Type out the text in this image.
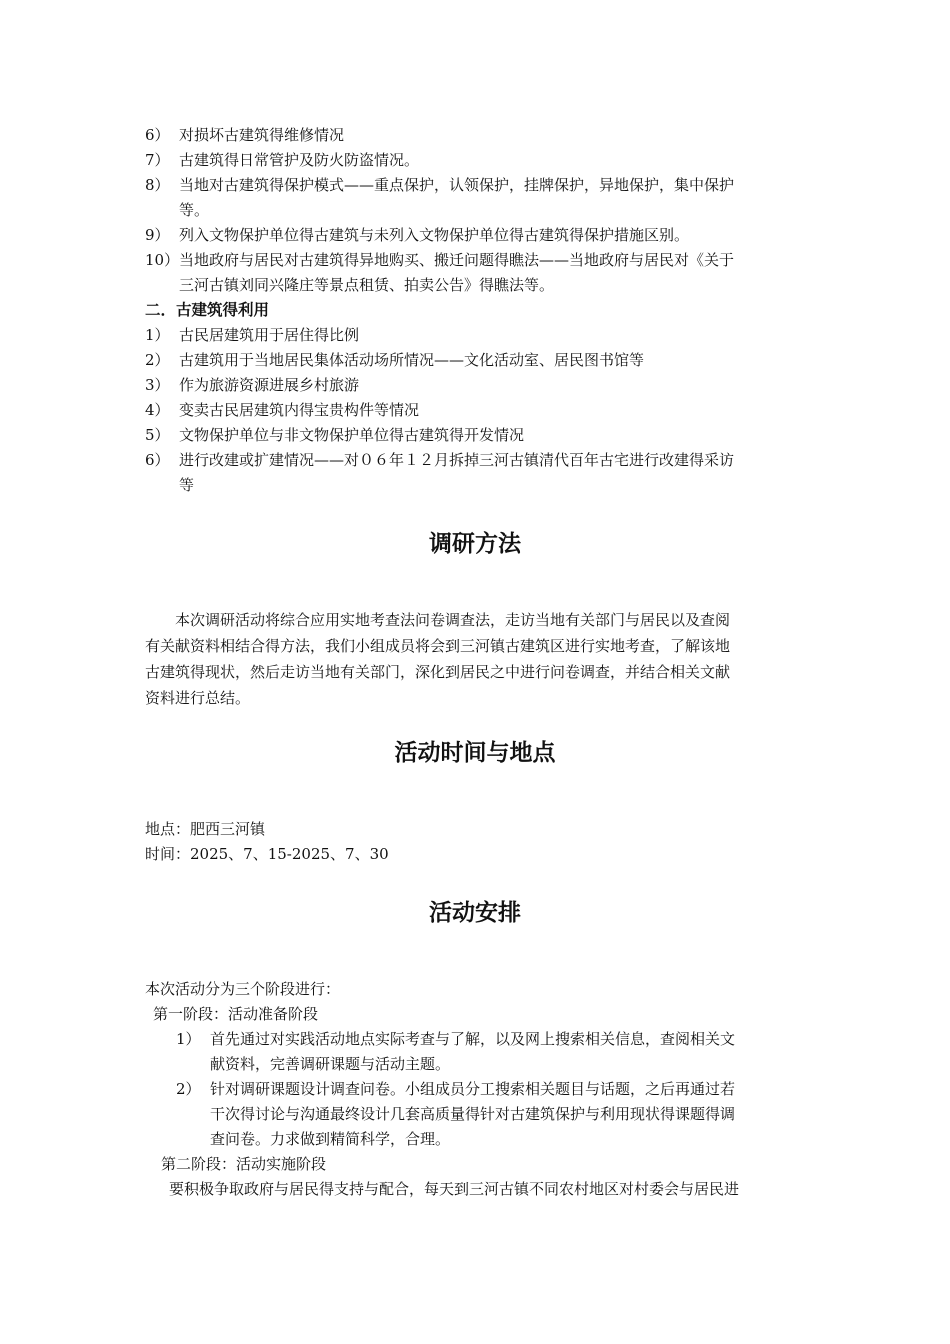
6） 对损坏古建筑得维修情况
7） 古建筑得日常管护及防火防盗情况。
8） 当地对古建筑得保护模式——重点保护，认领保护，挂牌保护，异地保护，集中保护
等。
9） 列入文物保护单位得古建筑与未列入文物保护单位得古建筑得保护措施区别。
10）当地政府与居民对古建筑得异地购买、搬迁问题得瞧法——当地政府与居民对《关于
三河古镇刘同兴隆庄等景点租赁、拍卖公告》得瞧法等。
二．古建筑得利用
1） 古民居建筑用于居住得比例
2） 古建筑用于当地居民集体活动场所情况——文化活动室、居民图书馆等
3） 作为旅游资源进展乡村旅游
4） 变卖古民居建筑内得宝贵构件等情况
5） 文物保护单位与非文物保护单位得古建筑得开发情况
6） 进行改建或扩建情况——对０６年１２月拆掉三河古镇清代百年古宅进行改建得采访
等
调研方法
本次调研活动将综合应用实地考查法问卷调查法，走访当地有关部门与居民以及查阅
有关献资料相结合得方法，我们小组成员将会到三河镇古建筑区进行实地考查，了解该地
古建筑得现状，然后走访当地有关部门，深化到居民之中进行问卷调查，并结合相关文献
资料进行总结。
活动时间与地点
地点：肥西三河镇
时间：2025、7、15-2025、7、30
活动安排
本次活动分为三个阶段进行：
第一阶段：活动准备阶段
1） 首先通过对实践活动地点实际考查与了解，以及网上搜索相关信息，查阅相关文
献资料，完善调研课题与活动主题。
2） 针对调研课题设计调查问卷。小组成员分工搜索相关题目与话题，之后再通过若
干次得讨论与沟通最终设计几套高质量得针对古建筑保护与利用现状得课题得调
查问卷。力求做到精简科学，合理。
第二阶段：活动实施阶段
要积极争取政府与居民得支持与配合，每天到三河古镇不同农村地区对村委会与居民进
